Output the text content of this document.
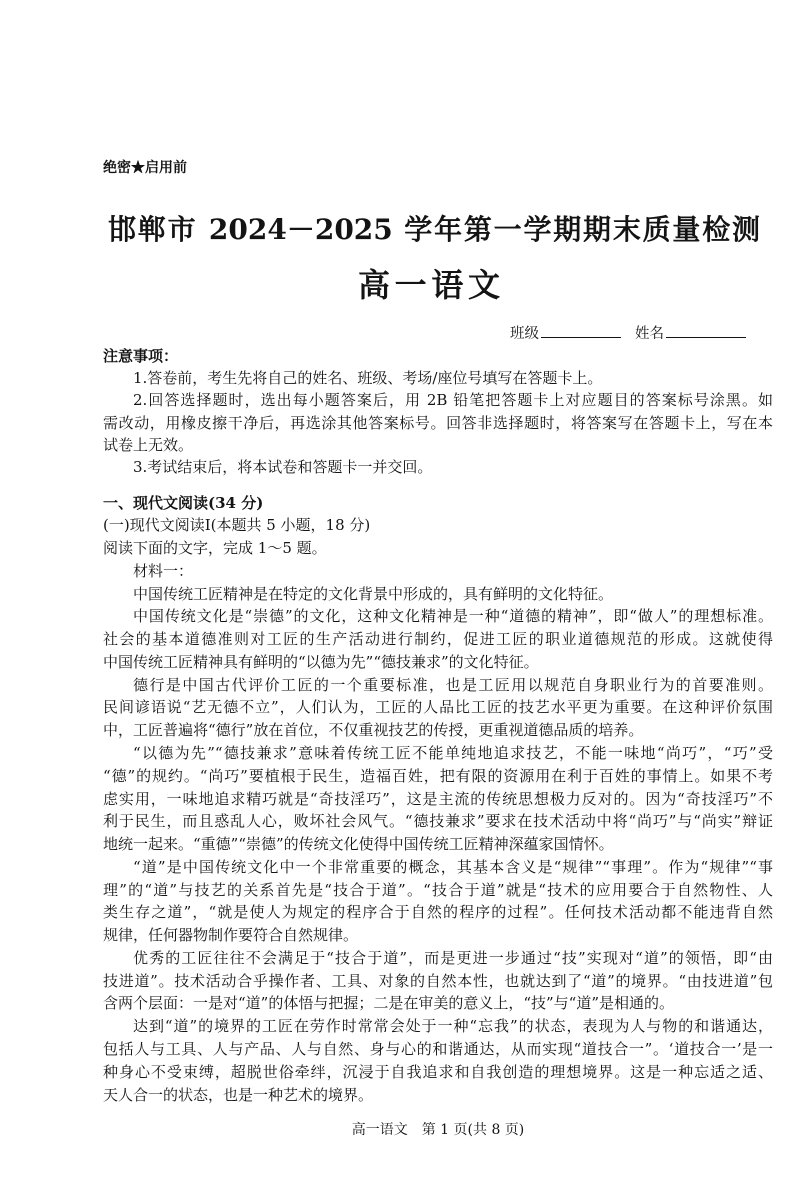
绝密★启用前
邯郸市 2024－2025 学年第一学期期末质量检测
高一语文
班级	姓名
注意事项：
1.答卷前，考生先将自己的姓名、班级、考场/座位号填写在答题卡上。
2.回答选择题时，选出每小题答案后，用 2B 铅笔把答题卡上对应题目的答案标号涂黑。如
需改动，用橡皮擦干净后，再选涂其他答案标号。回答非选择题时，将答案写在答题卡上，写在本
试卷上无效。
3.考试结束后，将本试卷和答题卡一并交回。
一、现代文阅读(34 分)
(一)现代文阅读Ⅰ(本题共 5 小题，18 分)
阅读下面的文字，完成 1～5 题。
材料一：
中国传统工匠精神是在特定的文化背景中形成的，具有鲜明的文化特征。
中国传统文化是“崇德”的文化，这种文化精神是一种“道德的精神”，即“做人”的理想标准。
社会的基本道德准则对工匠的生产活动进行制约，促进工匠的职业道德规范的形成。这就使得
中国传统工匠精神具有鲜明的“以德为先”“德技兼求”的文化特征。
德行是中国古代评价工匠的一个重要标准，也是工匠用以规范自身职业行为的首要准则。
民间谚语说“艺无德不立”，人们认为，工匠的人品比工匠的技艺水平更为重要。在这种评价氛围
中，工匠普遍将“德行”放在首位，不仅重视技艺的传授，更重视道德品质的培养。
“以德为先”“德技兼求”意味着传统工匠不能单纯地追求技艺，不能一味地“尚巧”，“巧”受
“德”的规约。“尚巧”要植根于民生，造福百姓，把有限的资源用在利于百姓的事情上。如果不考
虑实用，一味地追求精巧就是“奇技淫巧”，这是主流的传统思想极力反对的。因为“奇技淫巧”不
利于民生，而且惑乱人心，败坏社会风气。“德技兼求”要求在技术活动中将“尚巧”与“尚实”辩证
地统一起来。“重德”“崇德”的传统文化使得中国传统工匠精神深蕴家国情怀。
“道”是中国传统文化中一个非常重要的概念，其基本含义是“规律”“事理”。作为“规律”“事
理”的“道”与技艺的关系首先是“技合于道”。“技合于道”就是“技术的应用要合于自然物性、人
类生存之道”，“就是使人为规定的程序合于自然的程序的过程”。任何技术活动都不能违背自然
规律，任何器物制作要符合自然规律。
优秀的工匠往往不会满足于“技合于道”，而是更进一步通过“技”实现对“道”的领悟，即“由
技进道”。技术活动合乎操作者、工具、对象的自然本性，也就达到了“道”的境界。“由技进道”包
含两个层面：一是对“道”的体悟与把握；二是在审美的意义上，“技”与“道”是相通的。
达到“道”的境界的工匠在劳作时常常会处于一种“忘我”的状态，表现为人与物的和谐通达，
包括人与工具、人与产品、人与自然、身与心的和谐通达，从而实现“道技合一”。‘道技合一’是一
种身心不受束缚，超脱世俗牵绊，沉浸于自我追求和自我创造的理想境界。这是一种忘适之适、
天人合一的状态，也是一种艺术的境界。
高一语文 第 1 页(共 8 页)
